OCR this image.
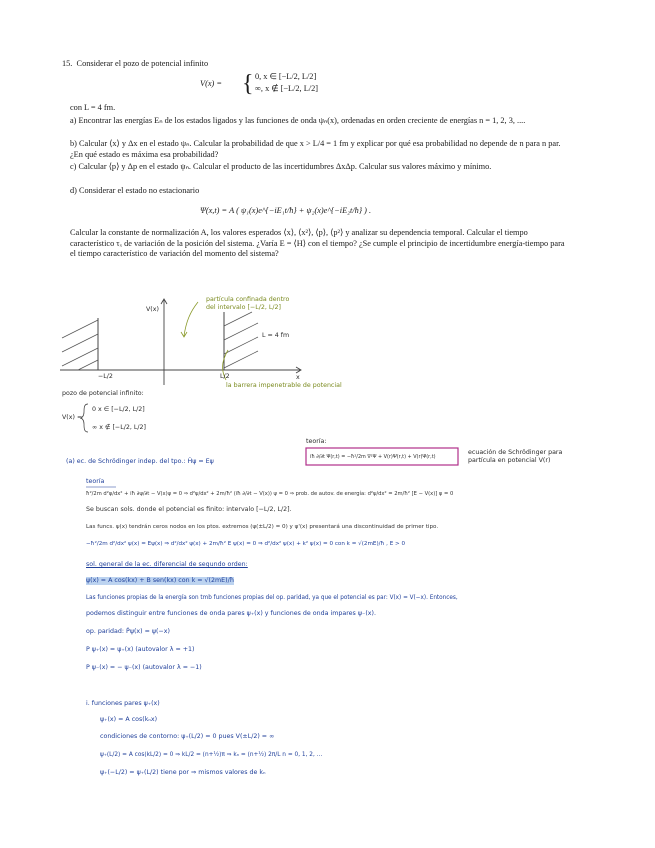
15. Considerar el pozo de potencial infinito
V(x) = { 0, x ∈ [−L/2, L/2]
∞, x ∉ [−L/2, L/2]
con L = 4 fm.
a) Encontrar las energías Eₙ de los estados ligados y las funciones de onda ψₙ(x), ordenadas en orden creciente de energías n = 1, 2, 3, ....
b) Calcular ⟨x⟩ y Δx en el estado ψₙ. Calcular la probabilidad de que x > L/4 = 1 fm y explicar por qué esa probabilidad no depende de n para n par. ¿En qué estado es máxima esa probabilidad?
c) Calcular ⟨p⟩ y Δp en el estado ψₙ. Calcular el producto de las incertidumbres ΔxΔp. Calcular sus valores máximo y mínimo.
d) Considerar el estado no estacionario
Ψ(x,t) = A ( ψ₁(x)e^{−iE₁t/ħ} + ψ₂(x)e^{−iE₂t/ħ} ) .
Calcular la constante de normalización A, los valores esperados ⟨x⟩, ⟨x²⟩, ⟨p⟩, ⟨p²⟩ y analizar su dependencia temporal. Calcular el tiempo característico τₓ de variación de la posición del sistema. ¿Varía E = ⟨H⟩ con el tiempo? ¿Se cumple el principio de incertidumbre energía-tiempo para el tiempo característico de variación del momento del sistema?
V(x)
partícula confinada dentro
del intervalo [−L/2, L/2]
L = 4 fm
−L/2	L/2	x
la barrera impenetrable de potencial
pozo de potencial infinito:
V(x) =
0 x ∈ [−L/2, L/2]
∞ x ∉ [−L/2, L/2]
teoría:
iħ ∂/∂t Ψ(r,t) = −ħ²/2m ∇²Ψ + V(r)Ψ(r,t) + V(r)Ψ(r,t)
ecuación de Schrödinger para
partícula en potencial V(r)
(a) ec. de Schrödinger indep. del tpo.: Ĥψ = Eψ
teoría
ħ²/2m d²ψ/dx² + iħ ∂ψ/∂t − V(x)ψ = 0 ⇒ d²ψ/dx² + 2m/ħ² (iħ ∂/∂t − V(x)) ψ = 0 ⇒ prob. de autov. de energía: d²ψ/dx² = 2m/ħ² [E − V(x)] ψ = 0
Se buscan sols. donde el potencial es finito: intervalo [−L/2, L/2].
Las funcs. ψ(x) tendrán ceros nodos en los ptos. extremos (ψ(±L/2) = 0) y ψ'(x) presentará una discontinuidad de primer tipo.
−ħ²/2m d²/dx² ψ(x) = Eψ(x) ⇒ d²/dx² ψ(x) + 2m/ħ² E ψ(x) = 0 ⇒ d²/dx² ψ(x) + k² ψ(x) = 0 con k = √(2mE)/ħ , E > 0
sol. general de la ec. diferencial de segundo orden:
ψ(x) = A cos(kx) + B sen(kx) con k = √(2mE)/ħ
Las funciones propias de la energía son tmb funciones propias del op. paridad, ya que el potencial es par: V(x) = V(−x). Entonces,
podemos distinguir entre funciones de onda pares ψ₊(x) y funciones de onda impares ψ₋(x).
op. paridad: P̂ψ(x) = ψ(−x)
P ψ₊(x) = ψ₊(x) (autovalor λ = +1)
P ψ₋(x) = − ψ₋(x) (autovalor λ = −1)
i. funciones pares ψ₊(x)
ψ₊(x) = A cos(kₙx)
condiciones de contorno: ψ₊(L/2) = 0 pues V(±L/2) = ∞
ψ₊(L/2) = A cos(kL/2) = 0 ⇒ kL/2 = (n+½)π ⇒ kₙ = (n+½) 2π/L n = 0, 1, 2, ...
ψ₊(−L/2) = ψ₊(L/2) tiene por ⇒ mismos valores de kₙ
